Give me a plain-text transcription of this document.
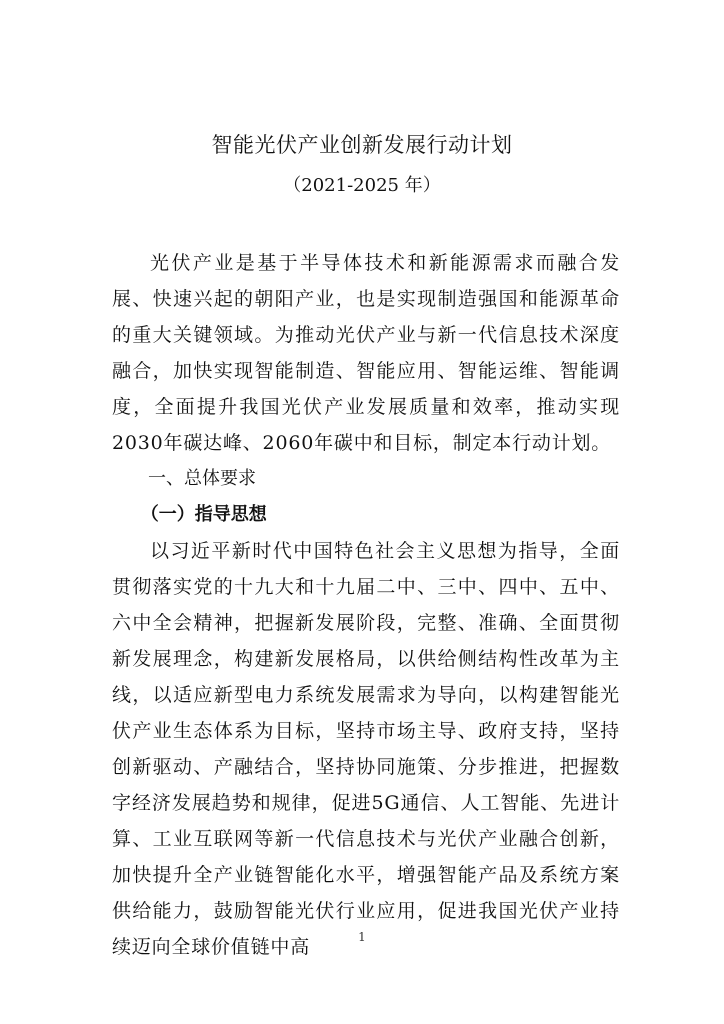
智能光伏产业创新发展行动计划
（2021-2025 年）

光伏产业是基于半导体技术和新能源需求而融合发展、快速兴起的朝阳产业，也是实现制造强国和能源革命的重大关键领域。为推动光伏产业与新一代信息技术深度融合，加快实现智能制造、智能应用、智能运维、智能调度，全面提升我国光伏产业发展质量和效率，推动实现2030年碳达峰、2060年碳中和目标，制定本行动计划。

一、总体要求
（一）指导思想

以习近平新时代中国特色社会主义思想为指导，全面贯彻落实党的十九大和十九届二中、三中、四中、五中、六中全会精神，把握新发展阶段，完整、准确、全面贯彻新发展理念，构建新发展格局，以供给侧结构性改革为主线，以适应新型电力系统发展需求为导向，以构建智能光伏产业生态体系为目标，坚持市场主导、政府支持，坚持创新驱动、产融结合，坚持协同施策、分步推进，把握数字经济发展趋势和规律，促进5G通信、人工智能、先进计算、工业互联网等新一代信息技术与光伏产业融合创新，加快提升全产业链智能化水平，增强智能产品及系统方案供给能力，鼓励智能光伏行业应用，促进我国光伏产业持续迈向全球价值链中高	1
